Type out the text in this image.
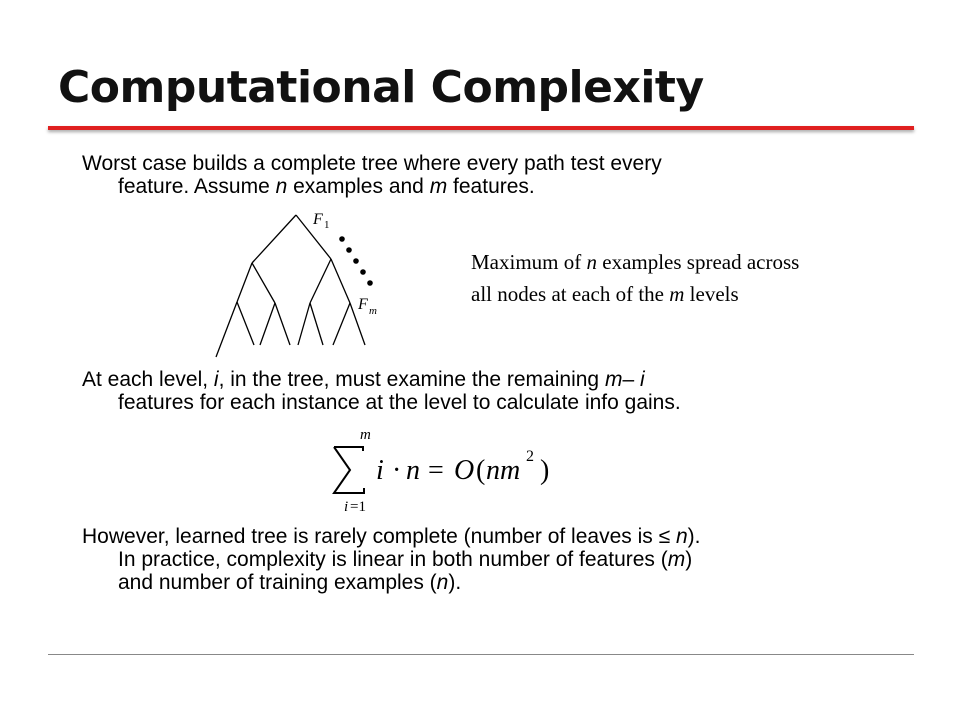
Computational Complexity

Worst case builds a complete tree where every path test every
feature. Assume n examples and m features.

F 1
F m

Maximum of n examples spread across
all nodes at each of the m levels

At each level, i, in the tree, must examine the remaining m– i
features for each instance at the level to calculate info gains.

m
i =1
i · n = O ( nm 2 )

However, learned tree is rarely complete (number of leaves is ≤ n).
In practice, complexity is linear in both number of features (m)
and number of training examples (n).
